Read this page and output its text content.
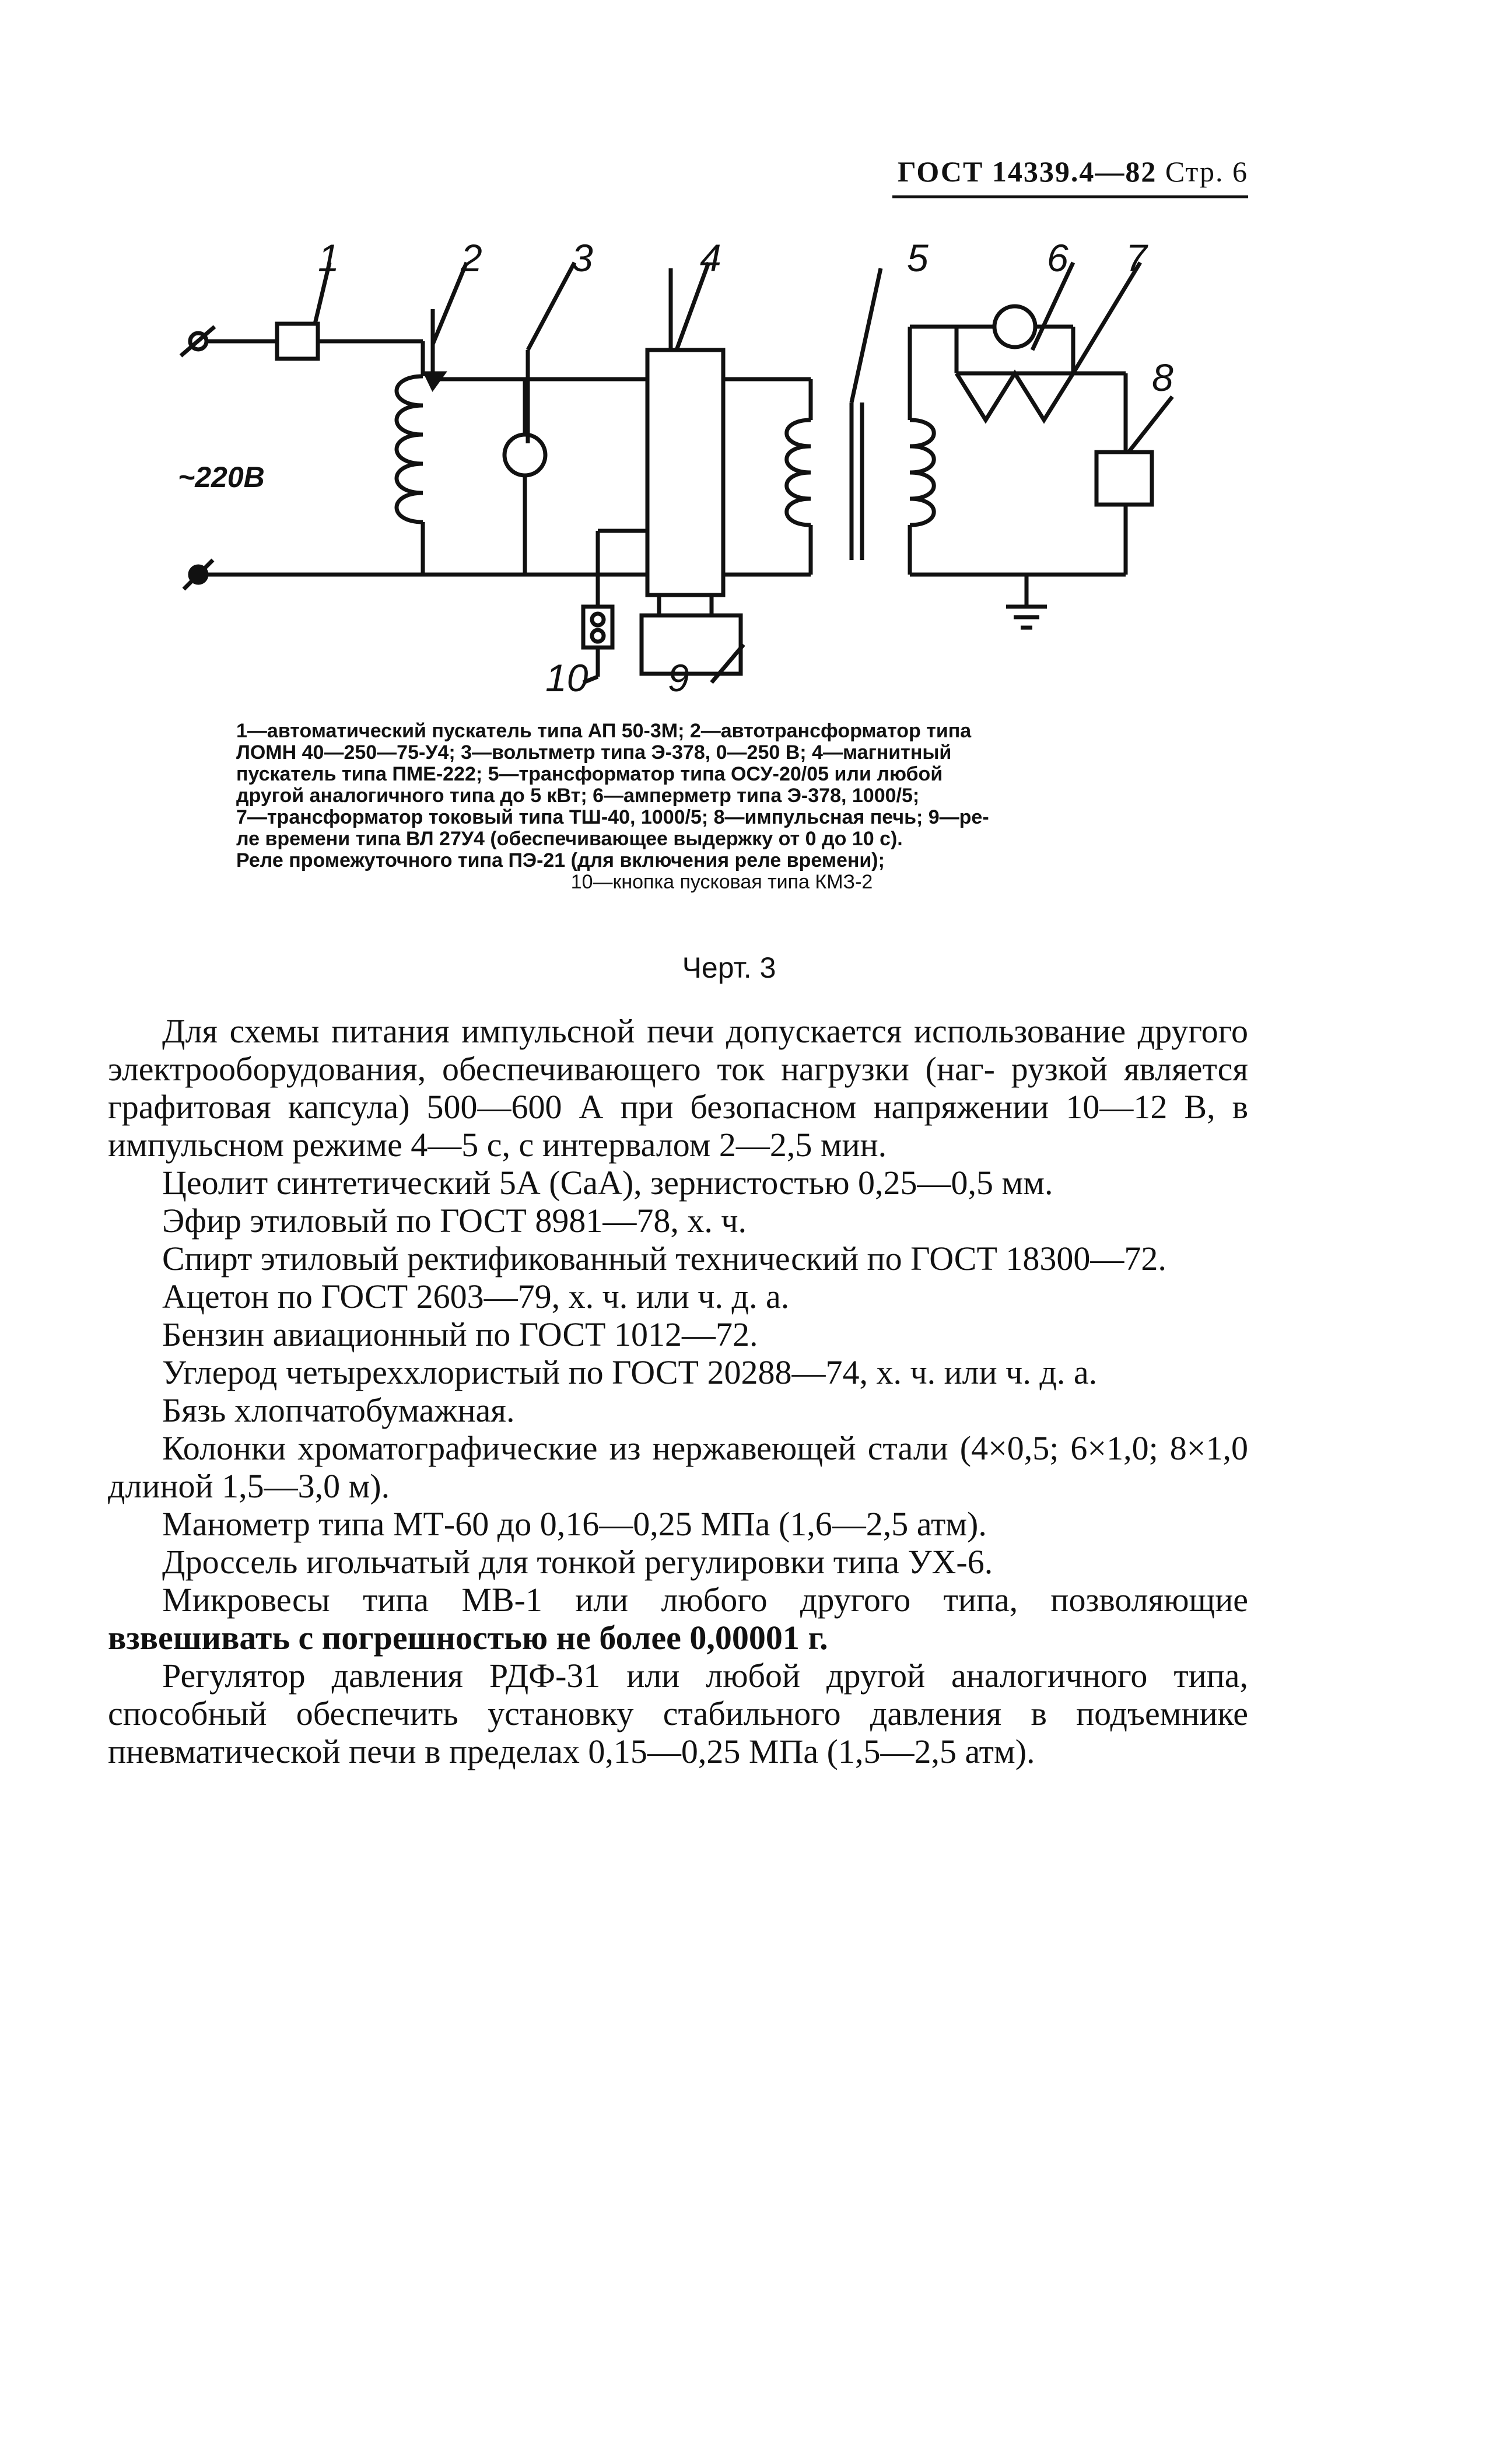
ГОСТ 14339.4—82 Стр. 6
1	2 3	4	5	6 7
8
9
10
~220В
1—автоматический пускатель типа АП 50-3М; 2—автотрансформатор типа
ЛОМН 40—250—75-У4; 3—вольтметр типа Э-378, 0—250 В; 4—магнитный
пускатель типа ПМЕ-222; 5—трансформатор типа ОСУ-20/05 или любой
другой аналогичного типа до 5 кВт; 6—амперметр типа Э-378, 1000/5;
7—трансформатор токовый типа ТШ-40, 1000/5; 8—импульсная печь; 9—ре-
ле времени типа ВЛ 27У4 (обеспечивающее выдержку от 0 до 10 с).
Реле промежуточного типа ПЭ-21 (для включения реле времени);
10—кнопка пусковая типа КМЗ-2
Черт. 3

Для схемы питания импульсной печи допускается использование другого электрооборудования, обеспечивающего ток нагрузки (наг- рузкой является графитовая капсула) 500—600 А при безопасном напряжении 10—12 В, в импульсном режиме 4—5 с, с интервалом 2—2,5 мин.

Цеолит синтетический 5А (СаА), зернистостью 0,25—0,5 мм.

Эфир этиловый по ГОСТ 8981—78, х. ч.

Спирт этиловый ректификованный технический по ГОСТ 18300—72.

Ацетон по ГОСТ 2603—79, х. ч. или ч. д. а.

Бензин авиационный по ГОСТ 1012—72.

Углерод четыреххлористый по ГОСТ 20288—74, х. ч. или ч. д. а.

Бязь хлопчатобумажная.

Колонки хроматографические из нержавеющей стали (4×0,5; 6×1,0; 8×1,0 длиной 1,5—3,0 м).

Манометр типа МТ-60 до 0,16—0,25 МПа (1,6—2,5 атм).

Дроссель игольчатый для тонкой регулировки типа УХ-6.

Микровесы типа МВ-1 или любого другого типа, позволяющие взвешивать с погрешностью не более 0,00001 г.

Регулятор давления РДФ-31 или любой другой аналогичного типа, способный обеспечить установку стабильного давления в подъемнике пневматической печи в пределах 0,15—0,25 МПа (1,5—2,5 атм).
